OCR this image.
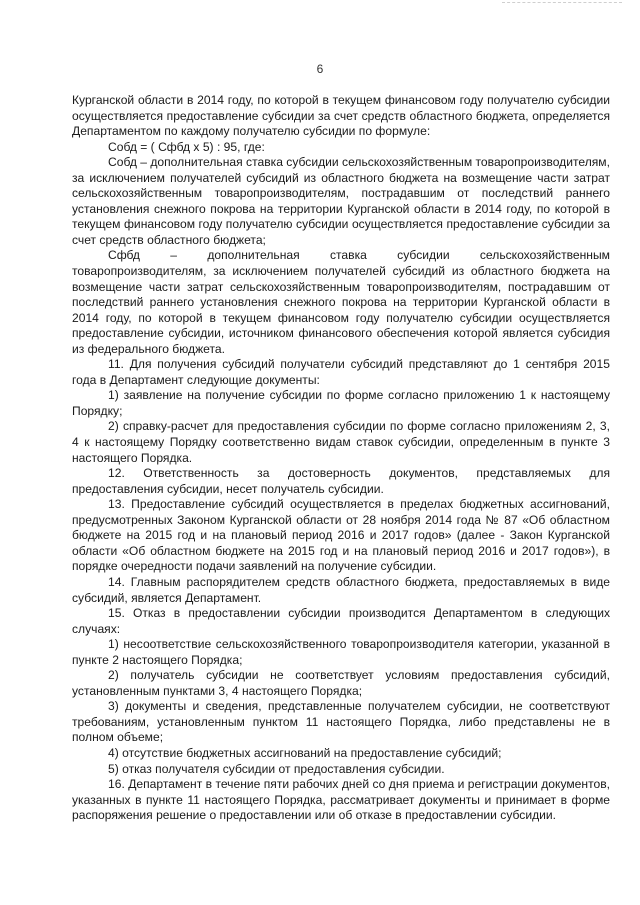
6

Курганской области в 2014 году, по которой в текущем финансовом году получателю субсидии осуществляется предоставление субсидии за счет средств областного бюджета, определяется Департаментом по каждому получателю субсидии по формуле:

Cобд = ( Cфбд х 5) : 95, где:

Cобд – дополнительная ставка субсидии сельскохозяйственным товаропроизводителям, за исключением получателей субсидий из областного бюджета на возмещение части затрат сельскохозяйственным товаропроизводителям, пострадавшим от последствий раннего установления снежного покрова на территории Курганской области в 2014 году, по которой в текущем финансовом году получателю субсидии осуществляется предоставление субсидии за счет средств областного бюджета;

Cфбд – дополнительная ставка субсидии сельскохозяйственным товаропроизводителям, за исключением получателей субсидий из областного бюджета на возмещение части затрат сельскохозяйственным товаропроизводителям, пострадавшим от последствий раннего установления снежного покрова на территории Курганской области в 2014 году, по которой в текущем финансовом году получателю субсидии осуществляется предоставление субсидии, источником финансового обеспечения которой является субсидия из федерального бюджета.

11. Для получения субсидий получатели субсидий представляют до 1 сентября 2015 года в Департамент следующие документы:

1) заявление на получение субсидии по форме согласно приложению 1 к настоящему Порядку;

2) справку-расчет для предоставления субсидии по форме согласно приложениям 2, 3, 4 к настоящему Порядку соответственно видам ставок субсидии, определенным в пункте 3 настоящего Порядка.

12. Ответственность за достоверность документов, представляемых для предоставления субсидии, несет получатель субсидии.

13. Предоставление субсидий осуществляется в пределах бюджетных ассигнований, предусмотренных Законом Курганской области от 28 ноября 2014 года № 87 «Об областном бюджете на 2015 год и на плановый период 2016 и 2017 годов» (далее - Закон Курганской области «Об областном бюджете на 2015 год и на плановый период 2016 и 2017 годов»), в порядке очередности подачи заявлений на получение субсидии.

14. Главным распорядителем средств областного бюджета, предоставляемых в виде субсидий, является Департамент.

15. Отказ в предоставлении субсидии производится Департаментом в следующих случаях:

1) несоответствие сельскохозяйственного товаропроизводителя категории, указанной в пункте 2 настоящего Порядка;

2) получатель субсидии не соответствует условиям предоставления субсидий, установленным пунктами 3, 4 настоящего Порядка;

3) документы и сведения, представленные получателем субсидии, не соответствуют требованиям, установленным пунктом 11 настоящего Порядка, либо представлены не в полном объеме;

4) отсутствие бюджетных ассигнований на предоставление субсидий;

5) отказ получателя субсидии от предоставления субсидии.

16. Департамент в течение пяти рабочих дней со дня приема и регистрации документов, указанных в пункте 11 настоящего Порядка, рассматривает документы и принимает в форме распоряжения решение о предоставлении или об отказе в предоставлении субсидии.
